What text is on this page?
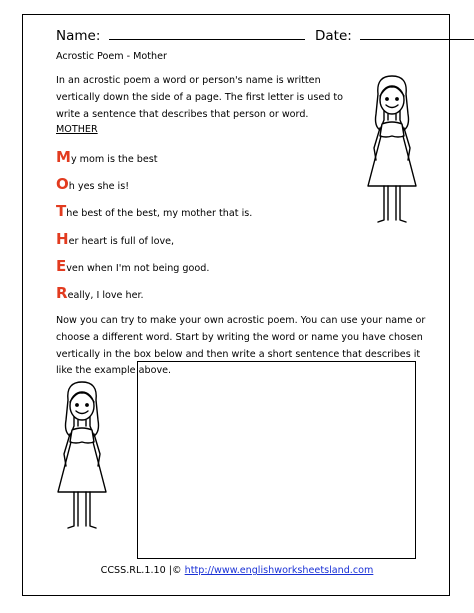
Name:	Date:
Acrostic Poem - Mother
In an acrostic poem a word or person's name is written vertically down the side of a page. The first letter is used to write a sentence that describes that person or word.
MOTHER
My mom is the best
Oh yes she is!
The best of the best, my mother that is.
Her heart is full of love,
Even when I'm not being good.
Really, I love her.
Now you can try to make your own acrostic poem. You can use your name or choose a different word. Start by writing the word or name you have chosen vertically in the box below and then write a short sentence that describes it like the example above.
CCSS.RL.1.10 |© http://www.englishworksheetsland.com
